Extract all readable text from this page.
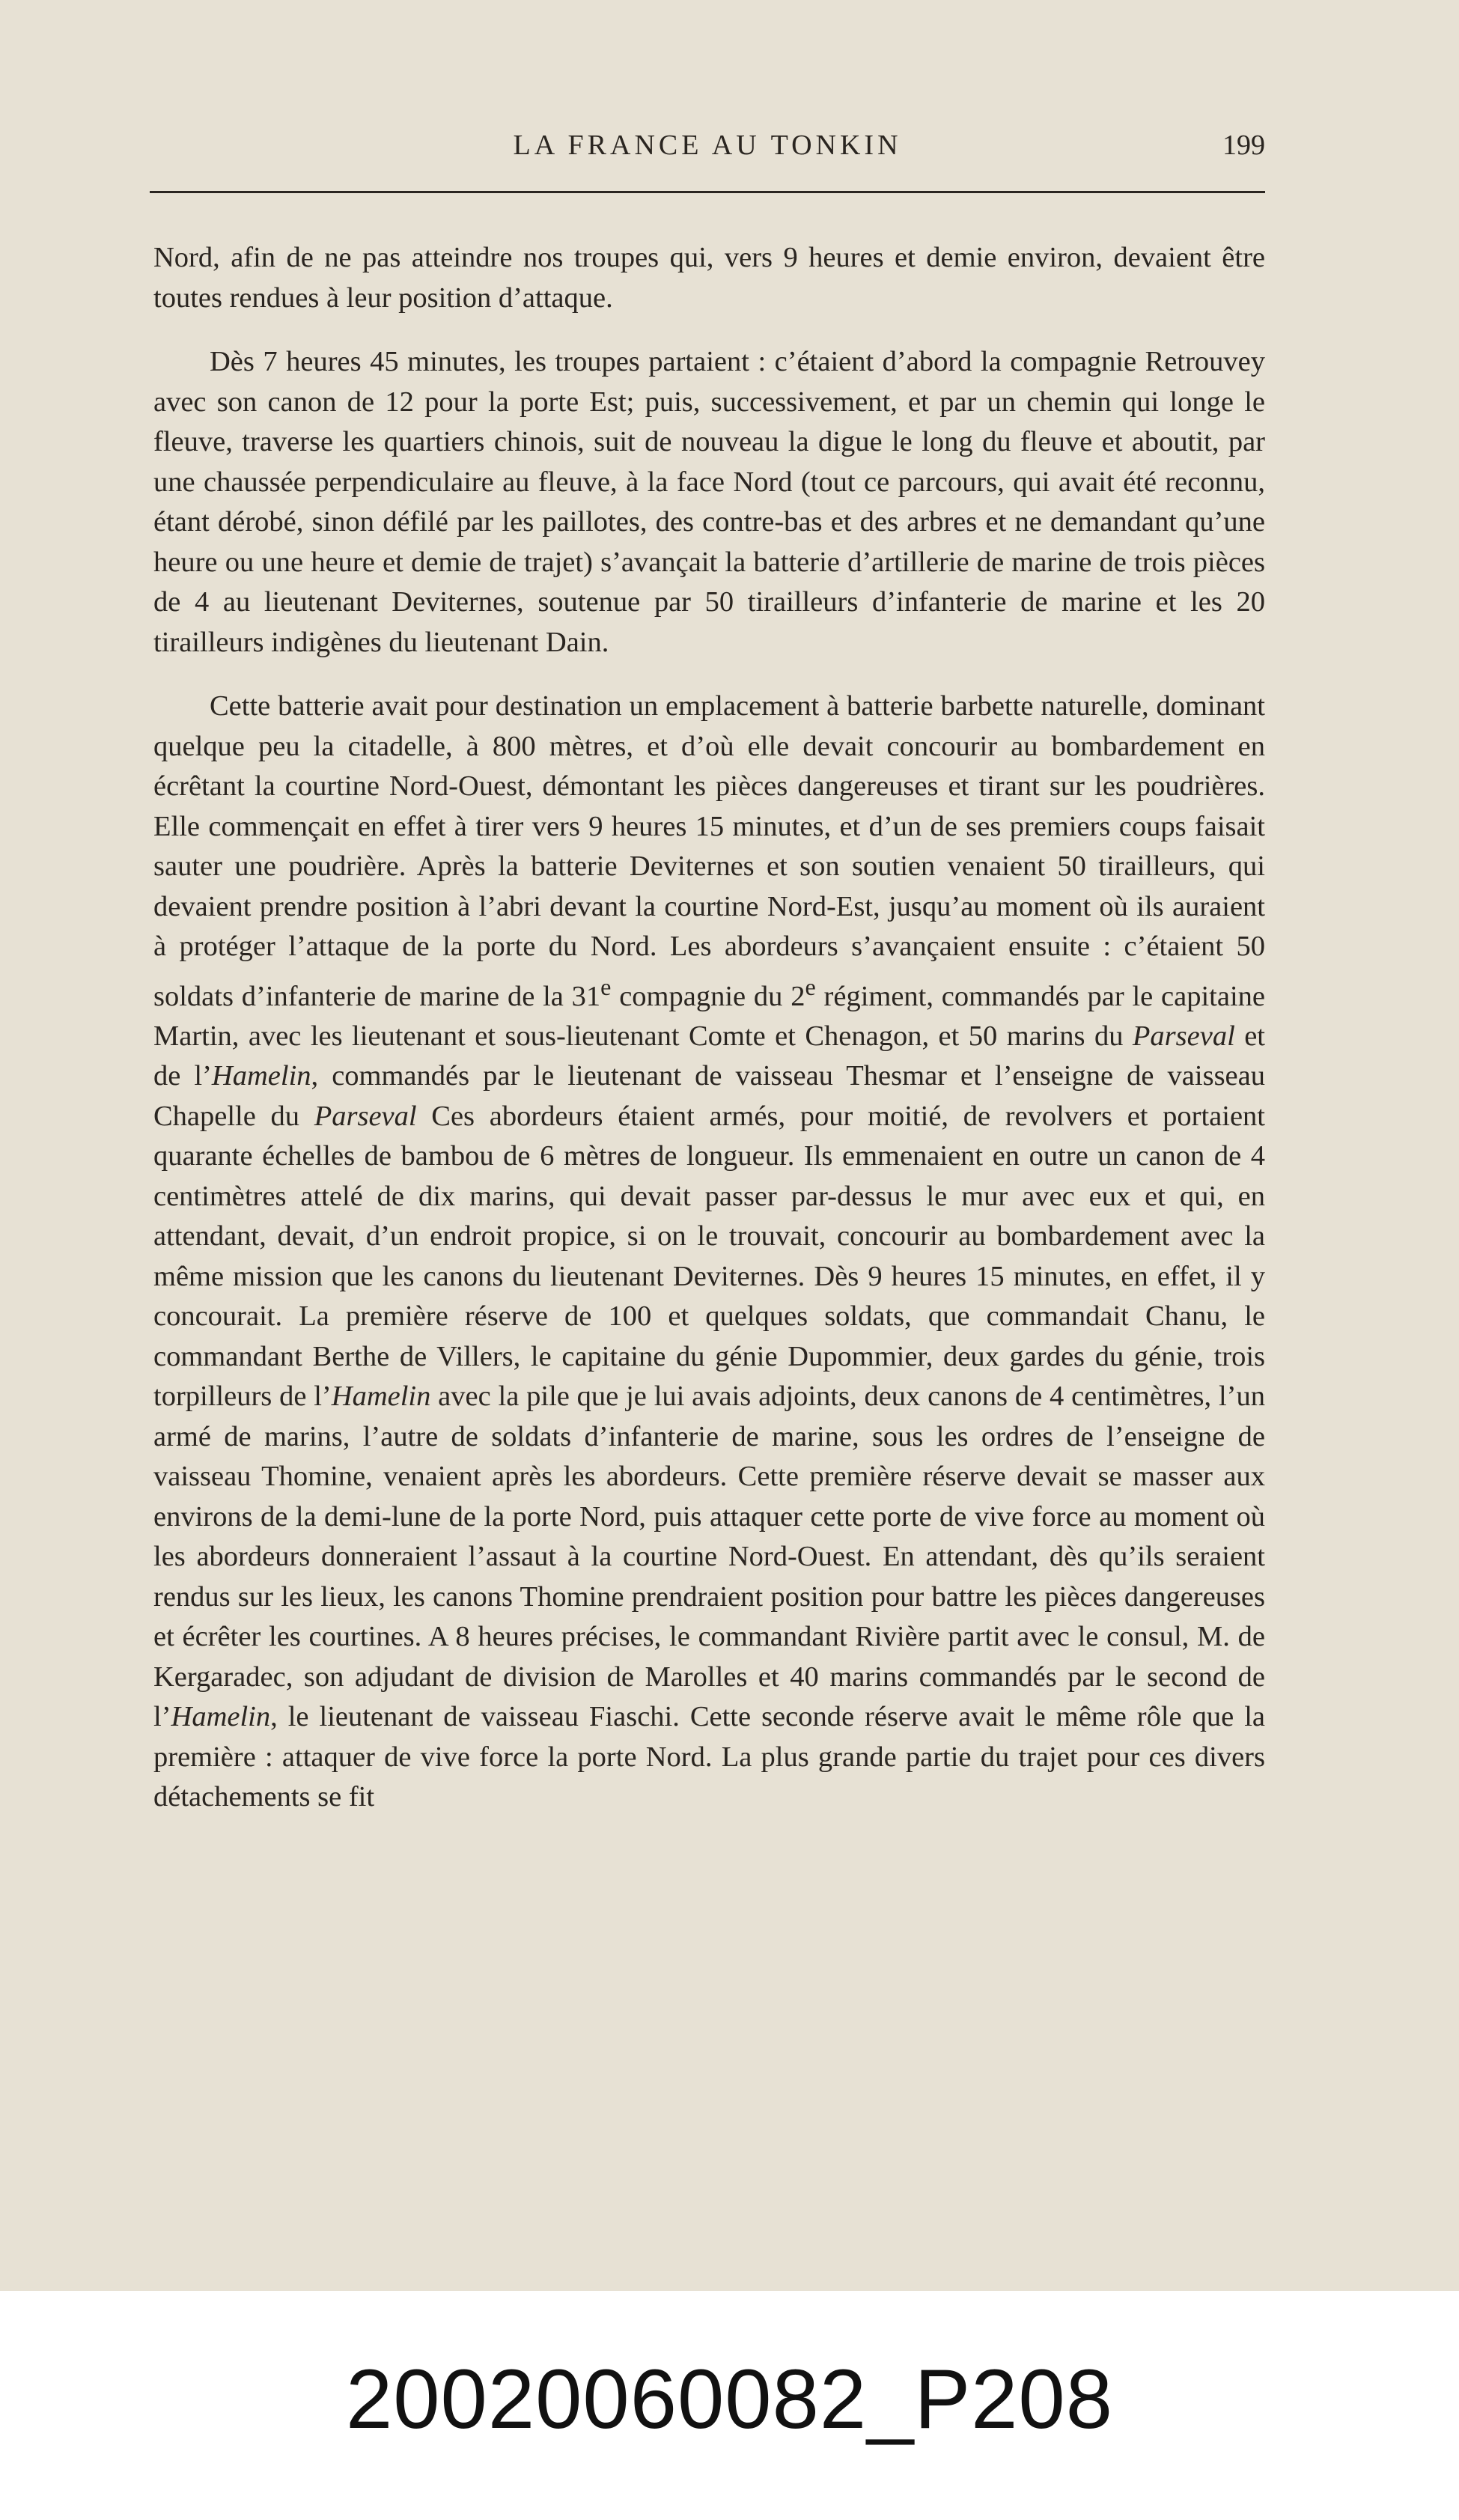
LA FRANCE AU TONKIN	199

Nord, afin de ne pas atteindre nos troupes qui, vers 9 heures et demie environ, devaient être toutes rendues à leur position d’attaque.

Dès 7 heures 45 minutes, les troupes partaient : c’étaient d’abord la compagnie Retrouvey avec son canon de 12 pour la porte Est; puis, successivement, et par un chemin qui longe le fleuve, traverse les quartiers chinois, suit de nouveau la digue le long du fleuve et aboutit, par une chaussée perpendiculaire au fleuve, à la face Nord (tout ce parcours, qui avait été reconnu, étant dérobé, sinon défilé par les paillotes, des contre-bas et des arbres et ne demandant qu’une heure ou une heure et demie de trajet) s’avançait la batterie d’artillerie de marine de trois pièces de 4 au lieutenant Deviternes, soutenue par 50 tirailleurs d’infanterie de marine et les 20 tirailleurs indigènes du lieutenant Dain.

Cette batterie avait pour destination un emplacement à batterie barbette naturelle, dominant quelque peu la citadelle, à 800 mètres, et d’où elle devait concourir au bombardement en écrêtant la courtine Nord-Ouest, démontant les pièces dangereuses et tirant sur les poudrières. Elle commençait en effet à tirer vers 9 heures 15 minutes, et d’un de ses premiers coups faisait sauter une poudrière. Après la batterie Deviternes et son soutien venaient 50 tirailleurs, qui devaient prendre position à l’abri devant la courtine Nord-Est, jusqu’au moment où ils auraient à protéger l’attaque de la porte du Nord. Les abordeurs s’avançaient ensuite : c’étaient 50 soldats d’infanterie de marine de la 31e compagnie du 2e régiment, commandés par le capitaine Martin, avec les lieutenant et sous-lieutenant Comte et Chenagon, et 50 marins du Parseval et de l’Hamelin, commandés par le lieutenant de vaisseau Thesmar et l’enseigne de vaisseau Chapelle du Parseval Ces abordeurs étaient armés, pour moitié, de revolvers et portaient quarante échelles de bambou de 6 mètres de longueur. Ils emmenaient en outre un canon de 4 centimètres attelé de dix marins, qui devait passer par-dessus le mur avec eux et qui, en attendant, devait, d’un endroit propice, si on le trouvait, concourir au bombardement avec la même mission que les canons du lieutenant Deviternes. Dès 9 heures 15 minutes, en effet, il y concourait. La première réserve de 100 et quelques soldats, que commandait Chanu, le commandant Berthe de Villers, le capitaine du génie Dupommier, deux gardes du génie, trois torpilleurs de l’Hamelin avec la pile que je lui avais adjoints, deux canons de 4 centimètres, l’un armé de marins, l’autre de soldats d’infanterie de marine, sous les ordres de l’enseigne de vaisseau Thomine, venaient après les abordeurs. Cette première réserve devait se masser aux environs de la demi-lune de la porte Nord, puis attaquer cette porte de vive force au moment où les abordeurs donneraient l’assaut à la courtine Nord-Ouest. En attendant, dès qu’ils seraient rendus sur les lieux, les canons Thomine prendraient position pour battre les pièces dangereuses et écrêter les courtines. A 8 heures précises, le commandant Rivière partit avec le consul, M. de Kergaradec, son adjudant de division de Marolles et 40 marins commandés par le second de l’Hamelin, le lieutenant de vaisseau Fiaschi. Cette seconde réserve avait le même rôle que la première : attaquer de vive force la porte Nord. La plus grande partie du trajet pour ces divers détachements se fit

20020060082_P208
